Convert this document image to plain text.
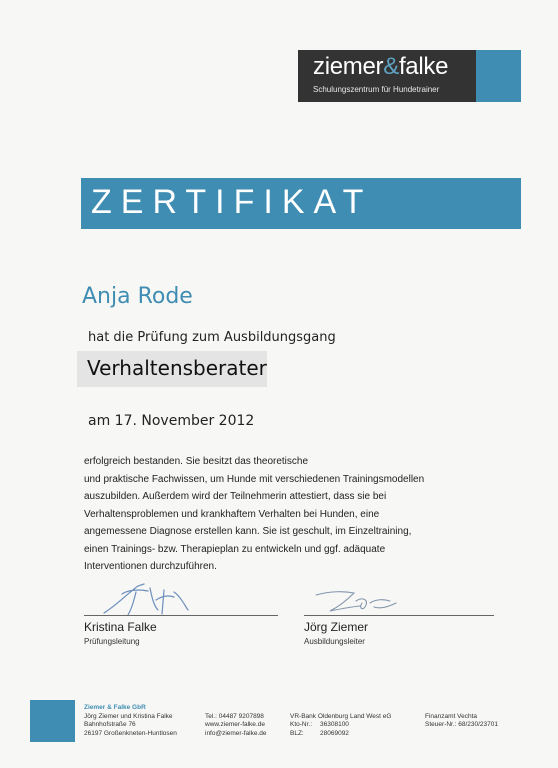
ziemer&falke
Schulungszentrum für Hundetrainer
ZERTIFIKAT
Anja Rode
hat die Prüfung zum Ausbildungsgang
Verhaltensberater
am 17. November 2012
erfolgreich bestanden. Sie besitzt das theoretische
und praktische Fachwissen, um Hunde mit verschiedenen Trainingsmodellen
auszubilden. Außerdem wird der Teilnehmerin attestiert, dass sie bei
Verhaltensproblemen und krankhaftem Verhalten bei Hunden, eine
angemessene Diagnose erstellen kann. Sie ist geschult, im Einzeltraining,
einen Trainings- bzw. Therapieplan zu entwickeln und ggf. adäquate
Interventionen durchzuführen.
Kristina Falke
Prüfungsleitung
Jörg Ziemer
Ausbildungsleiter
Ziemer & Falke GbR
Jörg Ziemer und Kristina Falke
Bahnhofstraße 76
26197 Großenkneten-Huntlosen
Tel.: 04487 9207898
www.ziemer-falke.de
info@ziemer-falke.de
VR-Bank Oldenburg Land West eG
Kto-Nr.: 36308100
BLZ:	28069092
Finanzamt Vechta
Steuer-Nr.: 68/230/23701
